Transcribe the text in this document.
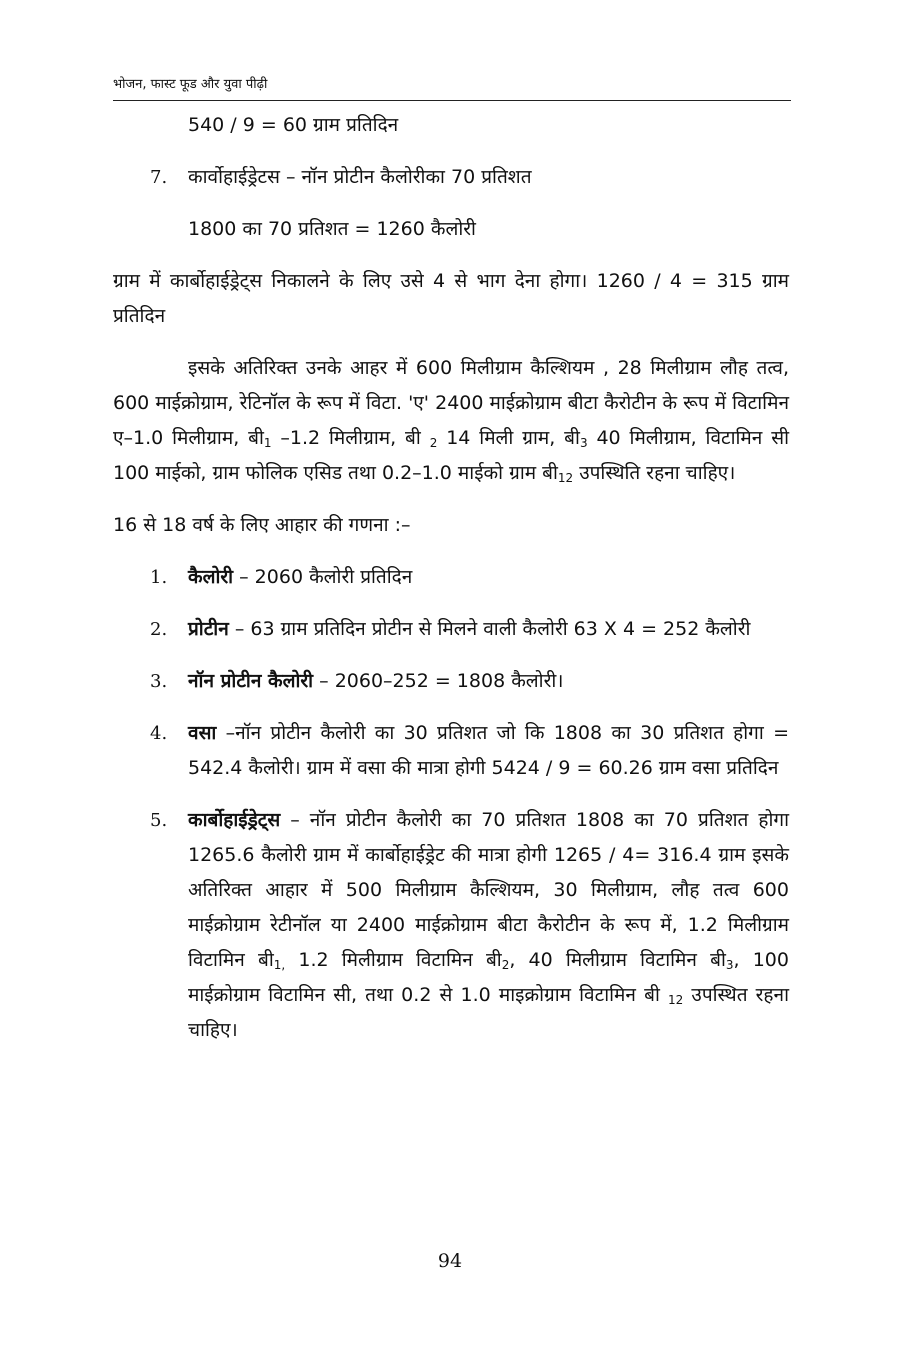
भोजन, फास्ट फूड और युवा पीढ़ी

540 / 9 = 60 ग्राम प्रतिदिन

7. कार्वोहाईड्रेटस – नॉन प्रोटीन कैलोरीका 70 प्रतिशत

1800 का 70 प्रतिशत = 1260 कैलोरी

ग्राम में कार्बोहाईड्रेट्स निकालने के लिए उसे 4 से भाग देना होगा। 1260 / 4 = 315 ग्राम प्रतिदिन

इसके अतिरिक्त उनके आहर में 600 मिलीग्राम कैल्शियम , 28 मिलीग्राम लौह तत्व, 600 माईक्रोग्राम, रेटिनॉल के रूप में विटा. 'ए' 2400 माईक्रोग्राम बीटा कैरोटीन के रूप में विटामिन ए–1.0 मिलीग्राम, $बी_1$ –1.2 मिलीग्राम, बी $_2$ 14 मिली ग्राम, $बी_3$ 40 मिलीग्राम, विटामिन सी 100 माईको, ग्राम फोलिक एसिड तथा 0.2–1.0 माईको ग्राम $बी_{12}$ उपस्थिति रहना चाहिए।

16 से 18 वर्ष के लिए आहार की गणना :–

1. कैलोरी – 2060 कैलोरी प्रतिदिन

2. प्रोटीन – 63 ग्राम प्रतिदिन प्रोटीन से मिलने वाली कैलोरी 63 X 4 = 252 कैलोरी

3. नॉन प्रोटीन कैलोरी – 2060–252 = 1808 कैलोरी।

4. वसा –नॉन प्रोटीन कैलोरी का 30 प्रतिशत जो कि 1808 का 30 प्रतिशत होगा = 542.4 कैलोरी। ग्राम में वसा की मात्रा होगी 5424 / 9 = 60.26 ग्राम वसा प्रतिदिन

5. कार्बोहाईड्रेट्स – नॉन प्रोटीन कैलोरी का 70 प्रतिशत 1808 का 70 प्रतिशत होगा 1265.6 कैलोरी ग्राम में कार्बोहाईड्रेट की मात्रा होगी 1265 / 4= 316.4 ग्राम इसके अतिरिक्त आहार में 500 मिलीग्राम कैल्शियम, 30 मिलीग्राम, लौह तत्व 600 माईक्रोग्राम रेटीनॉल या 2400 माईक्रोग्राम बीटा कैरोटीन के रूप में, 1.2 मिलीग्राम विटामिन $बी_{1,}$ 1.2 मिलीग्राम विटामिन $बी_2$, 40 मिलीग्राम विटामिन $बी_3$, 100 माईक्रोग्राम विटामिन सी, तथा 0.2 से 1.0 माइक्रोग्राम विटामिन बी $_{12}$ उपस्थित रहना चाहिए।

94
